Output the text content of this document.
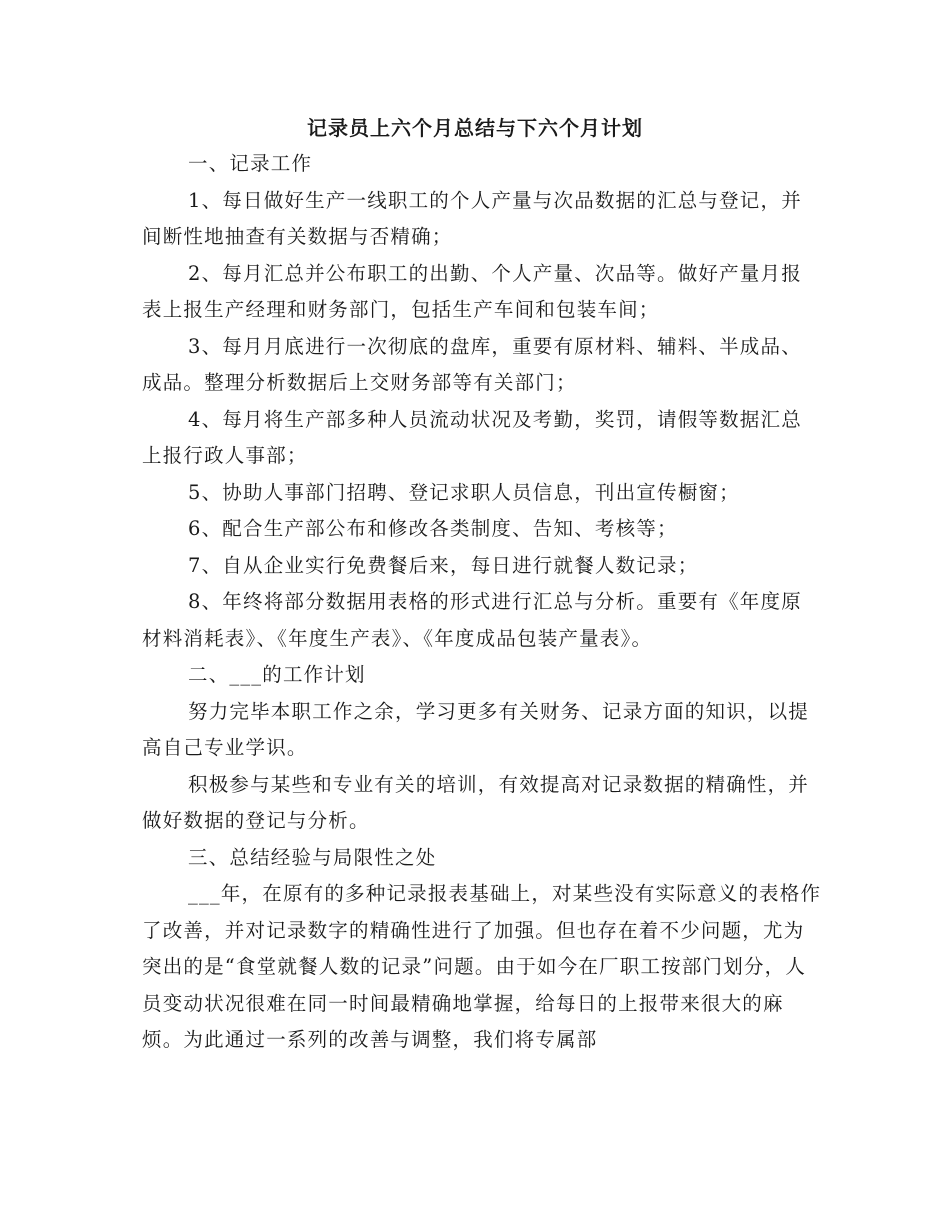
记录员上六个月总结与下六个月计划

一、记录工作

1、每日做好生产一线职工的个人产量与次品数据的汇总与登记，并间断性地抽查有关数据与否精确；

2、每月汇总并公布职工的出勤、个人产量、次品等。做好产量月报表上报生产经理和财务部门，包括生产车间和包装车间；

3、每月月底进行一次彻底的盘库，重要有原材料、辅料、半成品、成品。整理分析数据后上交财务部等有关部门；

4、每月将生产部多种人员流动状况及考勤，奖罚，请假等数据汇总上报行政人事部；

5、协助人事部门招聘、登记求职人员信息，刊出宣传橱窗；

6、配合生产部公布和修改各类制度、告知、考核等；

7、自从企业实行免费餐后来，每日进行就餐人数记录；

8、年终将部分数据用表格的形式进行汇总与分析。重要有《年度原材料消耗表》、《年度生产表》、《年度成品包装产量表》。

二、___的工作计划

努力完毕本职工作之余，学习更多有关财务、记录方面的知识，以提高自己专业学识。

积极参与某些和专业有关的培训，有效提高对记录数据的精确性，并做好数据的登记与分析。

三、总结经验与局限性之处

___年，在原有的多种记录报表基础上，对某些没有实际意义的表格作了改善，并对记录数字的精确性进行了加强。但也存在着不少问题，尤为突出的是“食堂就餐人数的记录”问题。由于如今在厂职工按部门划分，人员变动状况很难在同一时间最精确地掌握，给每日的上报带来很大的麻烦。为此通过一系列的改善与调整，我们将专属部
